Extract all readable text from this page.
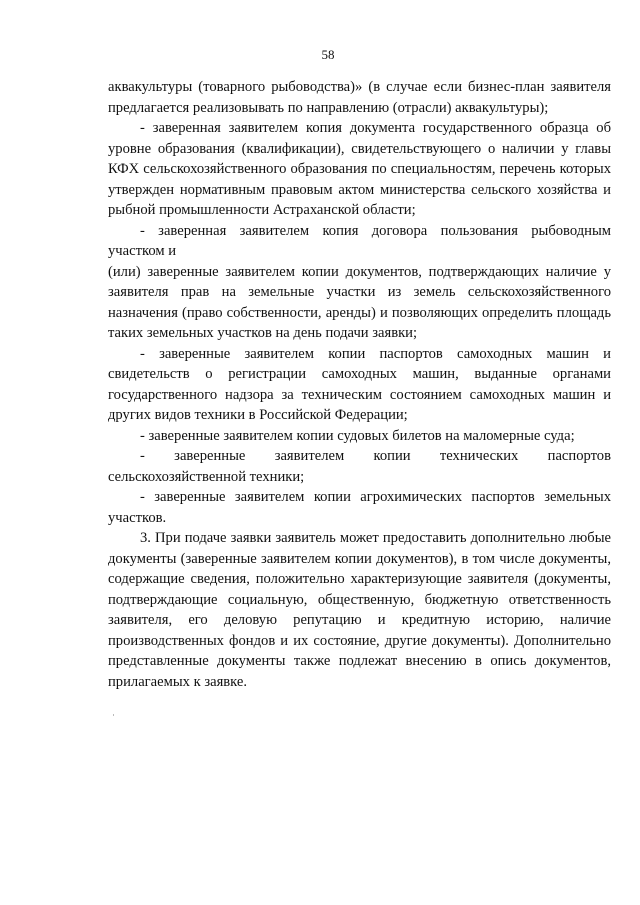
58

аквакультуры (товарного рыбоводства)» (в случае если бизнес-план заявителя предлагается реализовывать по направлению (отрасли) аквакультуры);

- заверенная заявителем копия документа государственного образца об уровне образования (квалификации), свидетельствующего о наличии у главы КФХ сельскохозяйственного образования по специальностям, перечень которых утвержден нормативным правовым актом министерства сельского хозяйства и рыбной промышленности Астраханской области;

- заверенная заявителем копия договора пользования рыбоводным участком и

(или) заверенные заявителем копии документов, подтверждающих наличие у заявителя прав на земельные участки из земель сельскохозяйственного назначения (право собственности, аренды) и позволяющих определить площадь таких земельных участков на день подачи заявки;

- заверенные заявителем копии паспортов самоходных машин и свидетельств о регистрации самоходных машин, выданные органами государственного надзора за техническим состоянием самоходных машин и других видов техники в Российской Федерации;

- заверенные заявителем копии судовых билетов на маломерные суда;

- заверенные заявителем копии технических паспортов сельскохозяйственной техники;

- заверенные заявителем копии агрохимических паспортов земельных участков.

3. При подаче заявки заявитель может предоставить дополнительно любые документы (заверенные заявителем копии документов), в том числе документы, содержащие сведения, положительно характеризующие заявителя (документы, подтверждающие социальную, общественную, бюджетную ответственность заявителя, его деловую репутацию и кредитную историю, наличие производственных фондов и их состояние, другие документы). Дополнительно представленные документы также подлежат внесению в опись документов, прилагаемых к заявке.
